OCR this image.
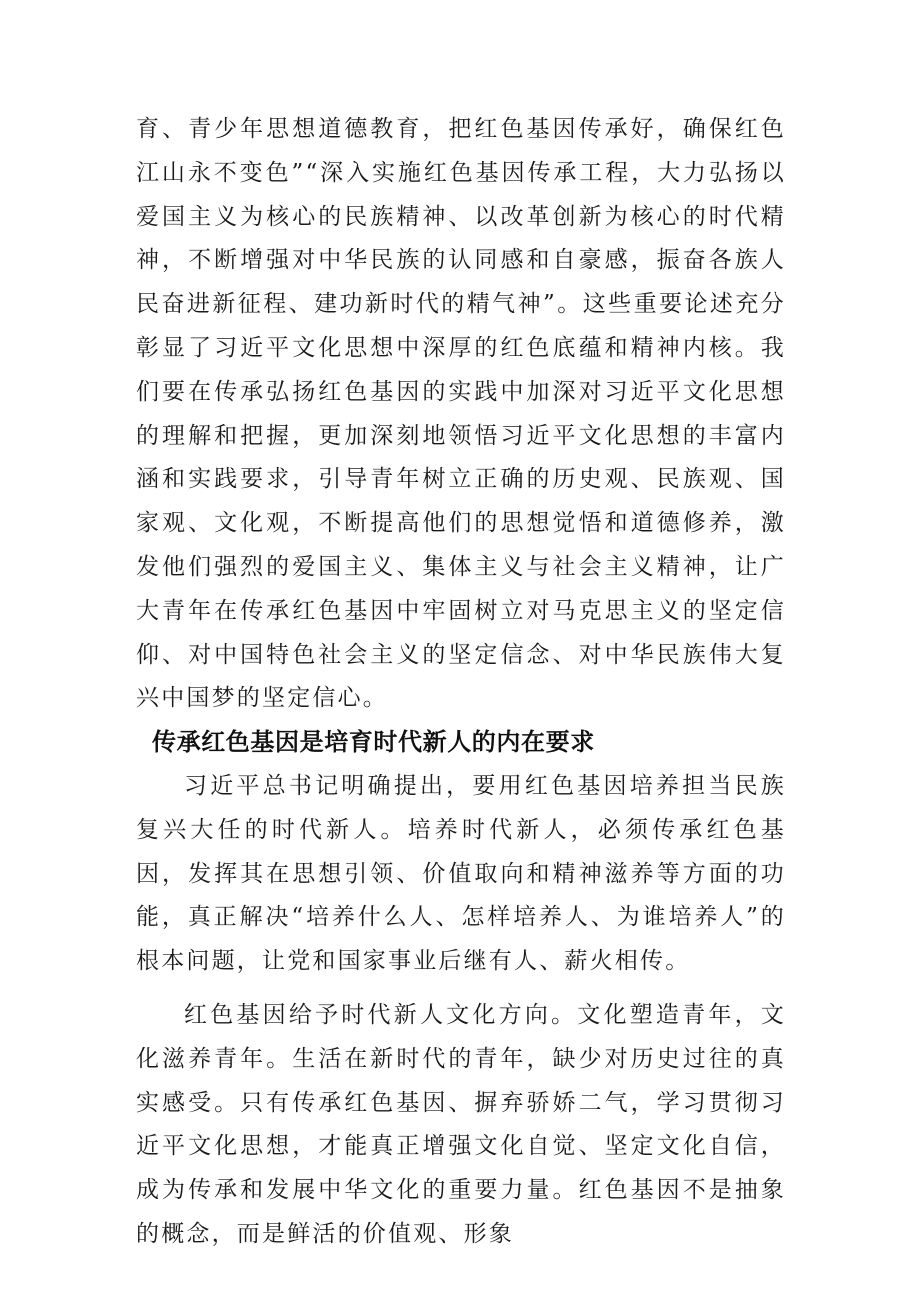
育、青少年思想道德教育，把红色基因传承好，确保红色江山永不变色”“深入实施红色基因传承工程，大力弘扬以爱国主义为核心的民族精神、以改革创新为核心的时代精神，不断增强对中华民族的认同感和自豪感，振奋各族人民奋进新征程、建功新时代的精气神”。这些重要论述充分彰显了习近平文化思想中深厚的红色底蕴和精神内核。我们要在传承弘扬红色基因的实践中加深对习近平文化思想的理解和把握，更加深刻地领悟习近平文化思想的丰富内涵和实践要求，引导青年树立正确的历史观、民族观、国家观、文化观，不断提高他们的思想觉悟和道德修养，激发他们强烈的爱国主义、集体主义与社会主义精神，让广大青年在传承红色基因中牢固树立对马克思主义的坚定信仰、对中国特色社会主义的坚定信念、对中华民族伟大复兴中国梦的坚定信心。

传承红色基因是培育时代新人的内在要求

习近平总书记明确提出，要用红色基因培养担当民族复兴大任的时代新人。培养时代新人，必须传承红色基因，发挥其在思想引领、价值取向和精神滋养等方面的功能，真正解决“培养什么人、怎样培养人、为谁培养人”的根本问题，让党和国家事业后继有人、薪火相传。

红色基因给予时代新人文化方向。文化塑造青年，文化滋养青年。生活在新时代的青年，缺少对历史过往的真实感受。只有传承红色基因、摒弃骄娇二气，学习贯彻习近平文化思想，才能真正增强文化自觉、坚定文化自信，成为传承和发展中华文化的重要力量。红色基因不是抽象的概念，而是鲜活的价值观、形象
